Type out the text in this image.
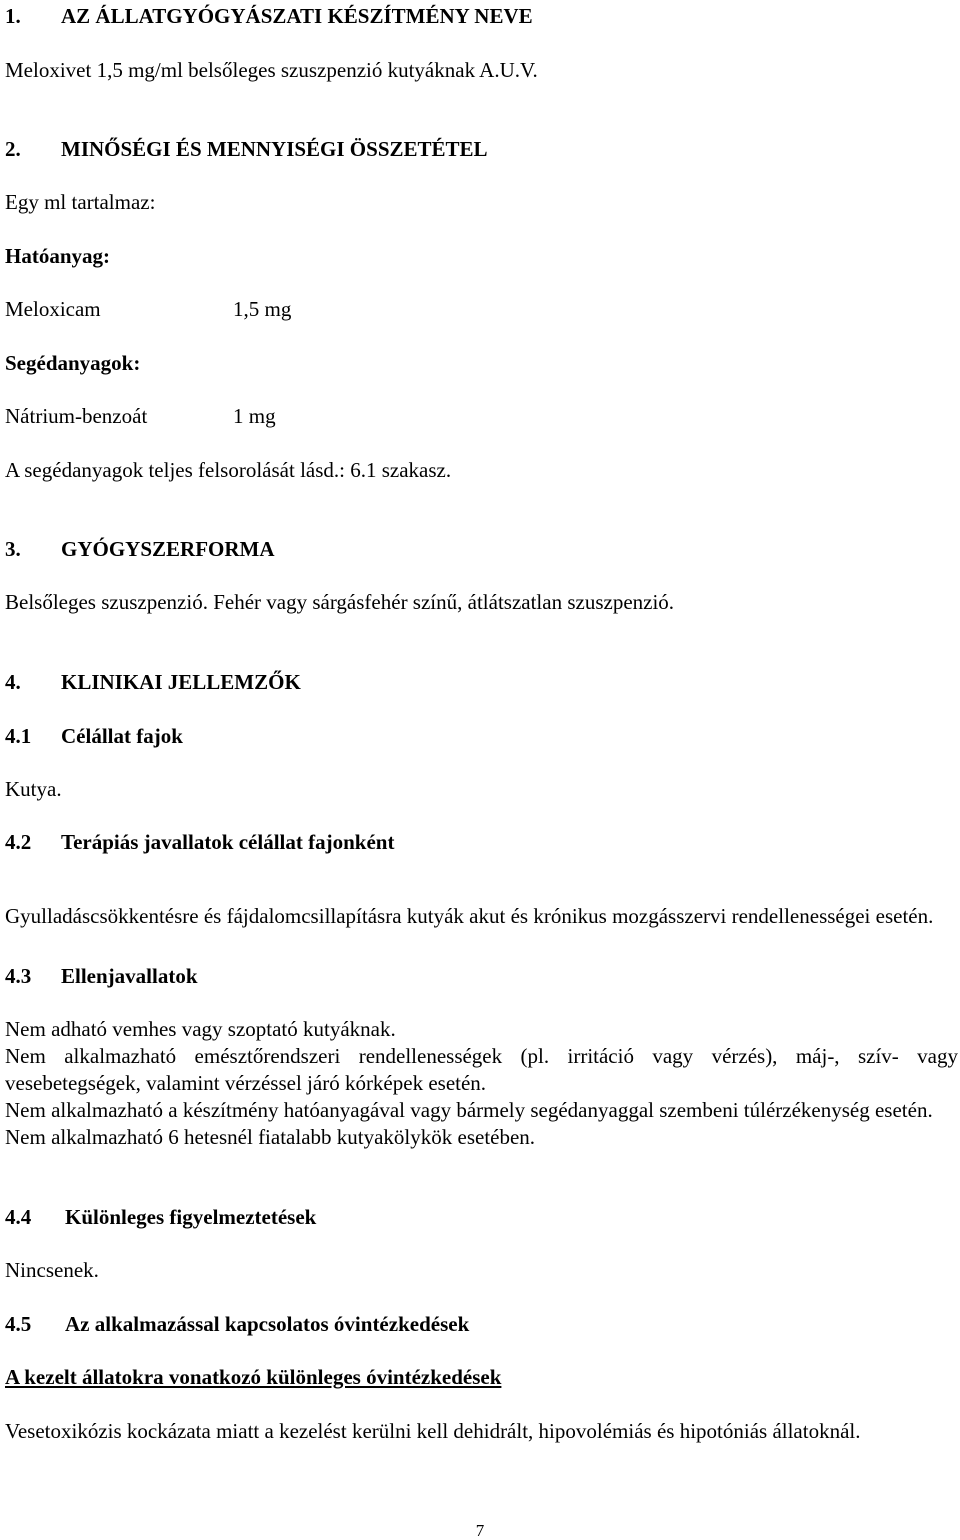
1. AZ ÁLLATGYÓGYÁSZATI KÉSZÍTMÉNY NEVE

Meloxivet 1,5 mg/ml belsőleges szuszpenzió kutyáknak A.U.V.

2. MINŐSÉGI ÉS MENNYISÉGI ÖSSZETÉTEL

Egy ml tartalmaz:

Hatóanyag:

Meloxicam	1,5 mg

Segédanyagok:

Nátrium-benzoát	1 mg

A segédanyagok teljes felsorolását lásd.: 6.1 szakasz.

3. GYÓGYSZERFORMA

Belsőleges szuszpenzió. Fehér vagy sárgásfehér színű, átlátszatlan szuszpenzió.

4. KLINIKAI JELLEMZŐK

4.1 Célállat fajok

Kutya.

4.2 Terápiás javallatok célállat fajonként

Gyulladáscsökkentésre és fájdalomcsillapításra kutyák akut és krónikus mozgásszervi rendellenességei esetén.

4.3 Ellenjavallatok

Nem adható vemhes vagy szoptató kutyáknak.
Nem alkalmazható emésztőrendszeri rendellenességek (pl. irritáció vagy vérzés), máj-, szív- vagy vesebetegségek, valamint vérzéssel járó kórképek esetén.
Nem alkalmazható a készítmény hatóanyagával vagy bármely segédanyaggal szembeni túlérzékenység esetén.
Nem alkalmazható 6 hetesnél fiatalabb kutyakölykök esetében.

4.4 Különleges figyelmeztetések

Nincsenek.

4.5 Az alkalmazással kapcsolatos óvintézkedések

A kezelt állatokra vonatkozó különleges óvintézkedések

Vesetoxikózis kockázata miatt a kezelést kerülni kell dehidrált, hipovolémiás és hipotóniás állatoknál.

7
